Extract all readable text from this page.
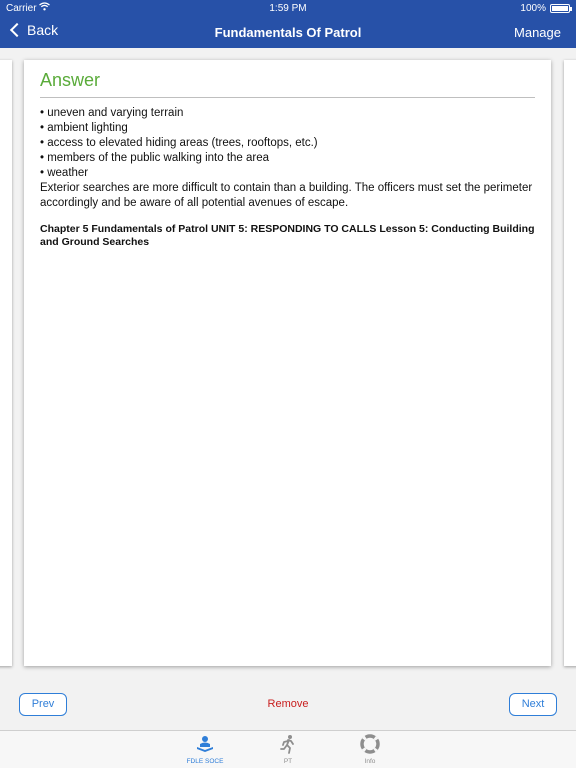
Carrier	1:59 PM	100%
Back	Fundamentals Of Patrol	Manage
Answer
• uneven and varying terrain
• ambient lighting
• access to elevated hiding areas (trees, rooftops, etc.)
• members of the public walking into the area
• weather

Exterior searches are more difficult to contain than a building. The officers must set the perimeter accordingly and be aware of all potential avenues of escape.

Chapter 5 Fundamentals of Patrol UNIT 5: RESPONDING TO CALLS Lesson 5: Conducting Building and Ground Searches

Prev	Remove	Next
FDLE SOCE	PT	Info
